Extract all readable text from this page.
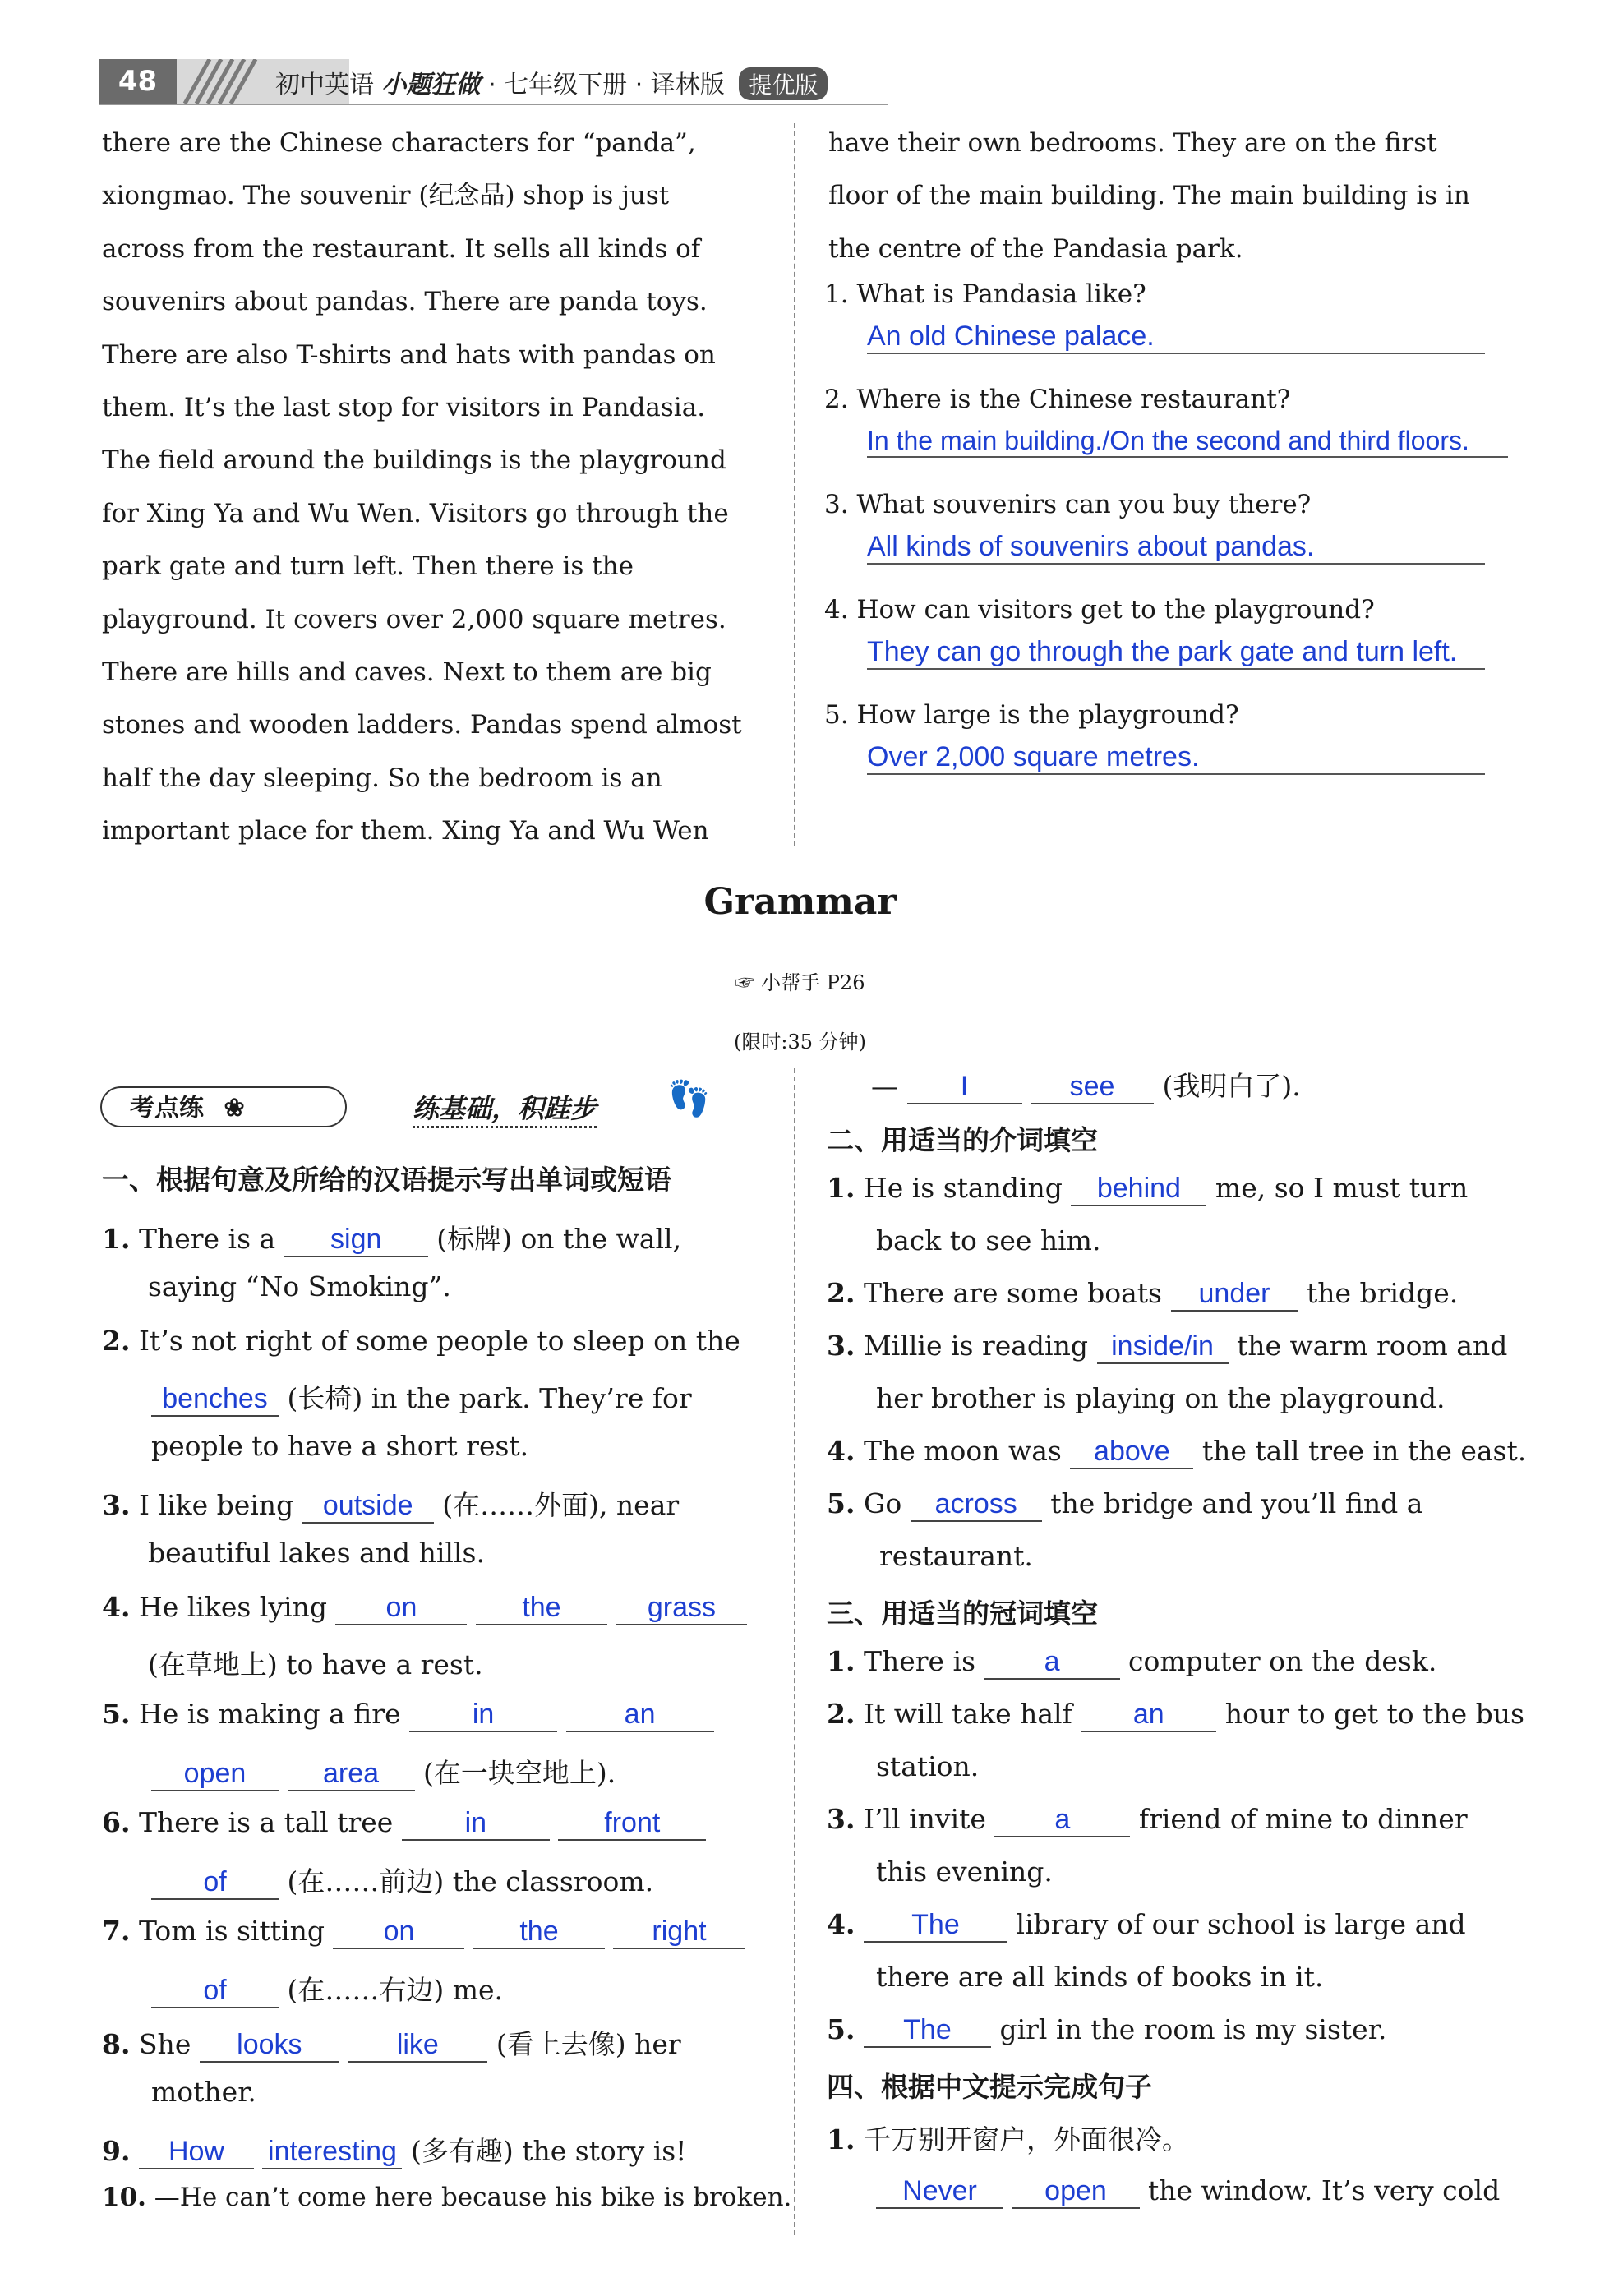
48	初中英语 小题狂做 · 七年级下册 · 译林版 提优版

there are the Chinese characters for “panda”,

xiongmao. The souvenir (纪念品) shop is just

across from the restaurant. It sells all kinds of

souvenirs about pandas. There are panda toys.

There are also T-shirts and hats with pandas on

them. It’s the last stop for visitors in Pandasia.

The field around the buildings is the playground

for Xing Ya and Wu Wen. Visitors go through the

park gate and turn left. Then there is the

playground. It covers over 2,000 square metres.

There are hills and caves. Next to them are big

stones and wooden ladders. Pandas spend almost

half the day sleeping. So the bedroom is an

important place for them. Xing Ya and Wu Wen

have their own bedrooms. They are on the first

floor of the main building. The main building is in

the centre of the Pandasia park.

1. What is Pandasia like?
An old Chinese palace.
2. Where is the Chinese restaurant?
In the main building./On the second and third floors.
3. What souvenirs can you buy there?
All kinds of souvenirs about pandas.
4. How can visitors get to the playground?
They can go through the park gate and turn left.
5. How large is the playground?
Over 2,000 square metres.
Grammar
☞ 小帮手 P26
(限时:35 分钟)
考点练 ❀	练基础，积跬步 👣
一、根据句意及所给的汉语提示写出单词或短语
1. There is a sign (标牌) on the wall,
saying “No Smoking”.
2. It’s not right of some people to sleep on the
benches (长椅) in the park. They’re for
people to have a short rest.
3. I like being outside (在……外面), near
beautiful lakes and hills.
4. He likes lying on	the	grass
(在草地上) to have a rest.
5. He is making a fire	in	an
open	area (在一块空地上).
6. There is a tall tree	in	front
of (在……前边) the classroom.
7. Tom is sitting on	the	right
of (在……右边) me.
8. She looks	like (看上去像) her
mother.
9. How interesting (多有趣) the story is!
10. —He can’t come here because his bike is broken.
— I	see (我明白了).
二、用适当的介词填空
1. He is standing behind me, so I must turn
back to see him.
2. There are some boats under the bridge.
3. Millie is reading inside/in the warm room and
her brother is playing on the playground.
4. The moon was above the tall tree in the east.
5. Go across the bridge and you’ll find a
restaurant.
三、用适当的冠词填空
1. There is a	computer on the desk.
2. It will take half an hour to get to the bus
station.
3. I’ll invite a	friend of mine to dinner
this evening.
4. The library of our school is large and
there are all kinds of books in it.
5. The girl in the room is my sister.
四、根据中文提示完成句子
1. 千万别开窗户，外面很冷。
Never open the window. It’s very cold
